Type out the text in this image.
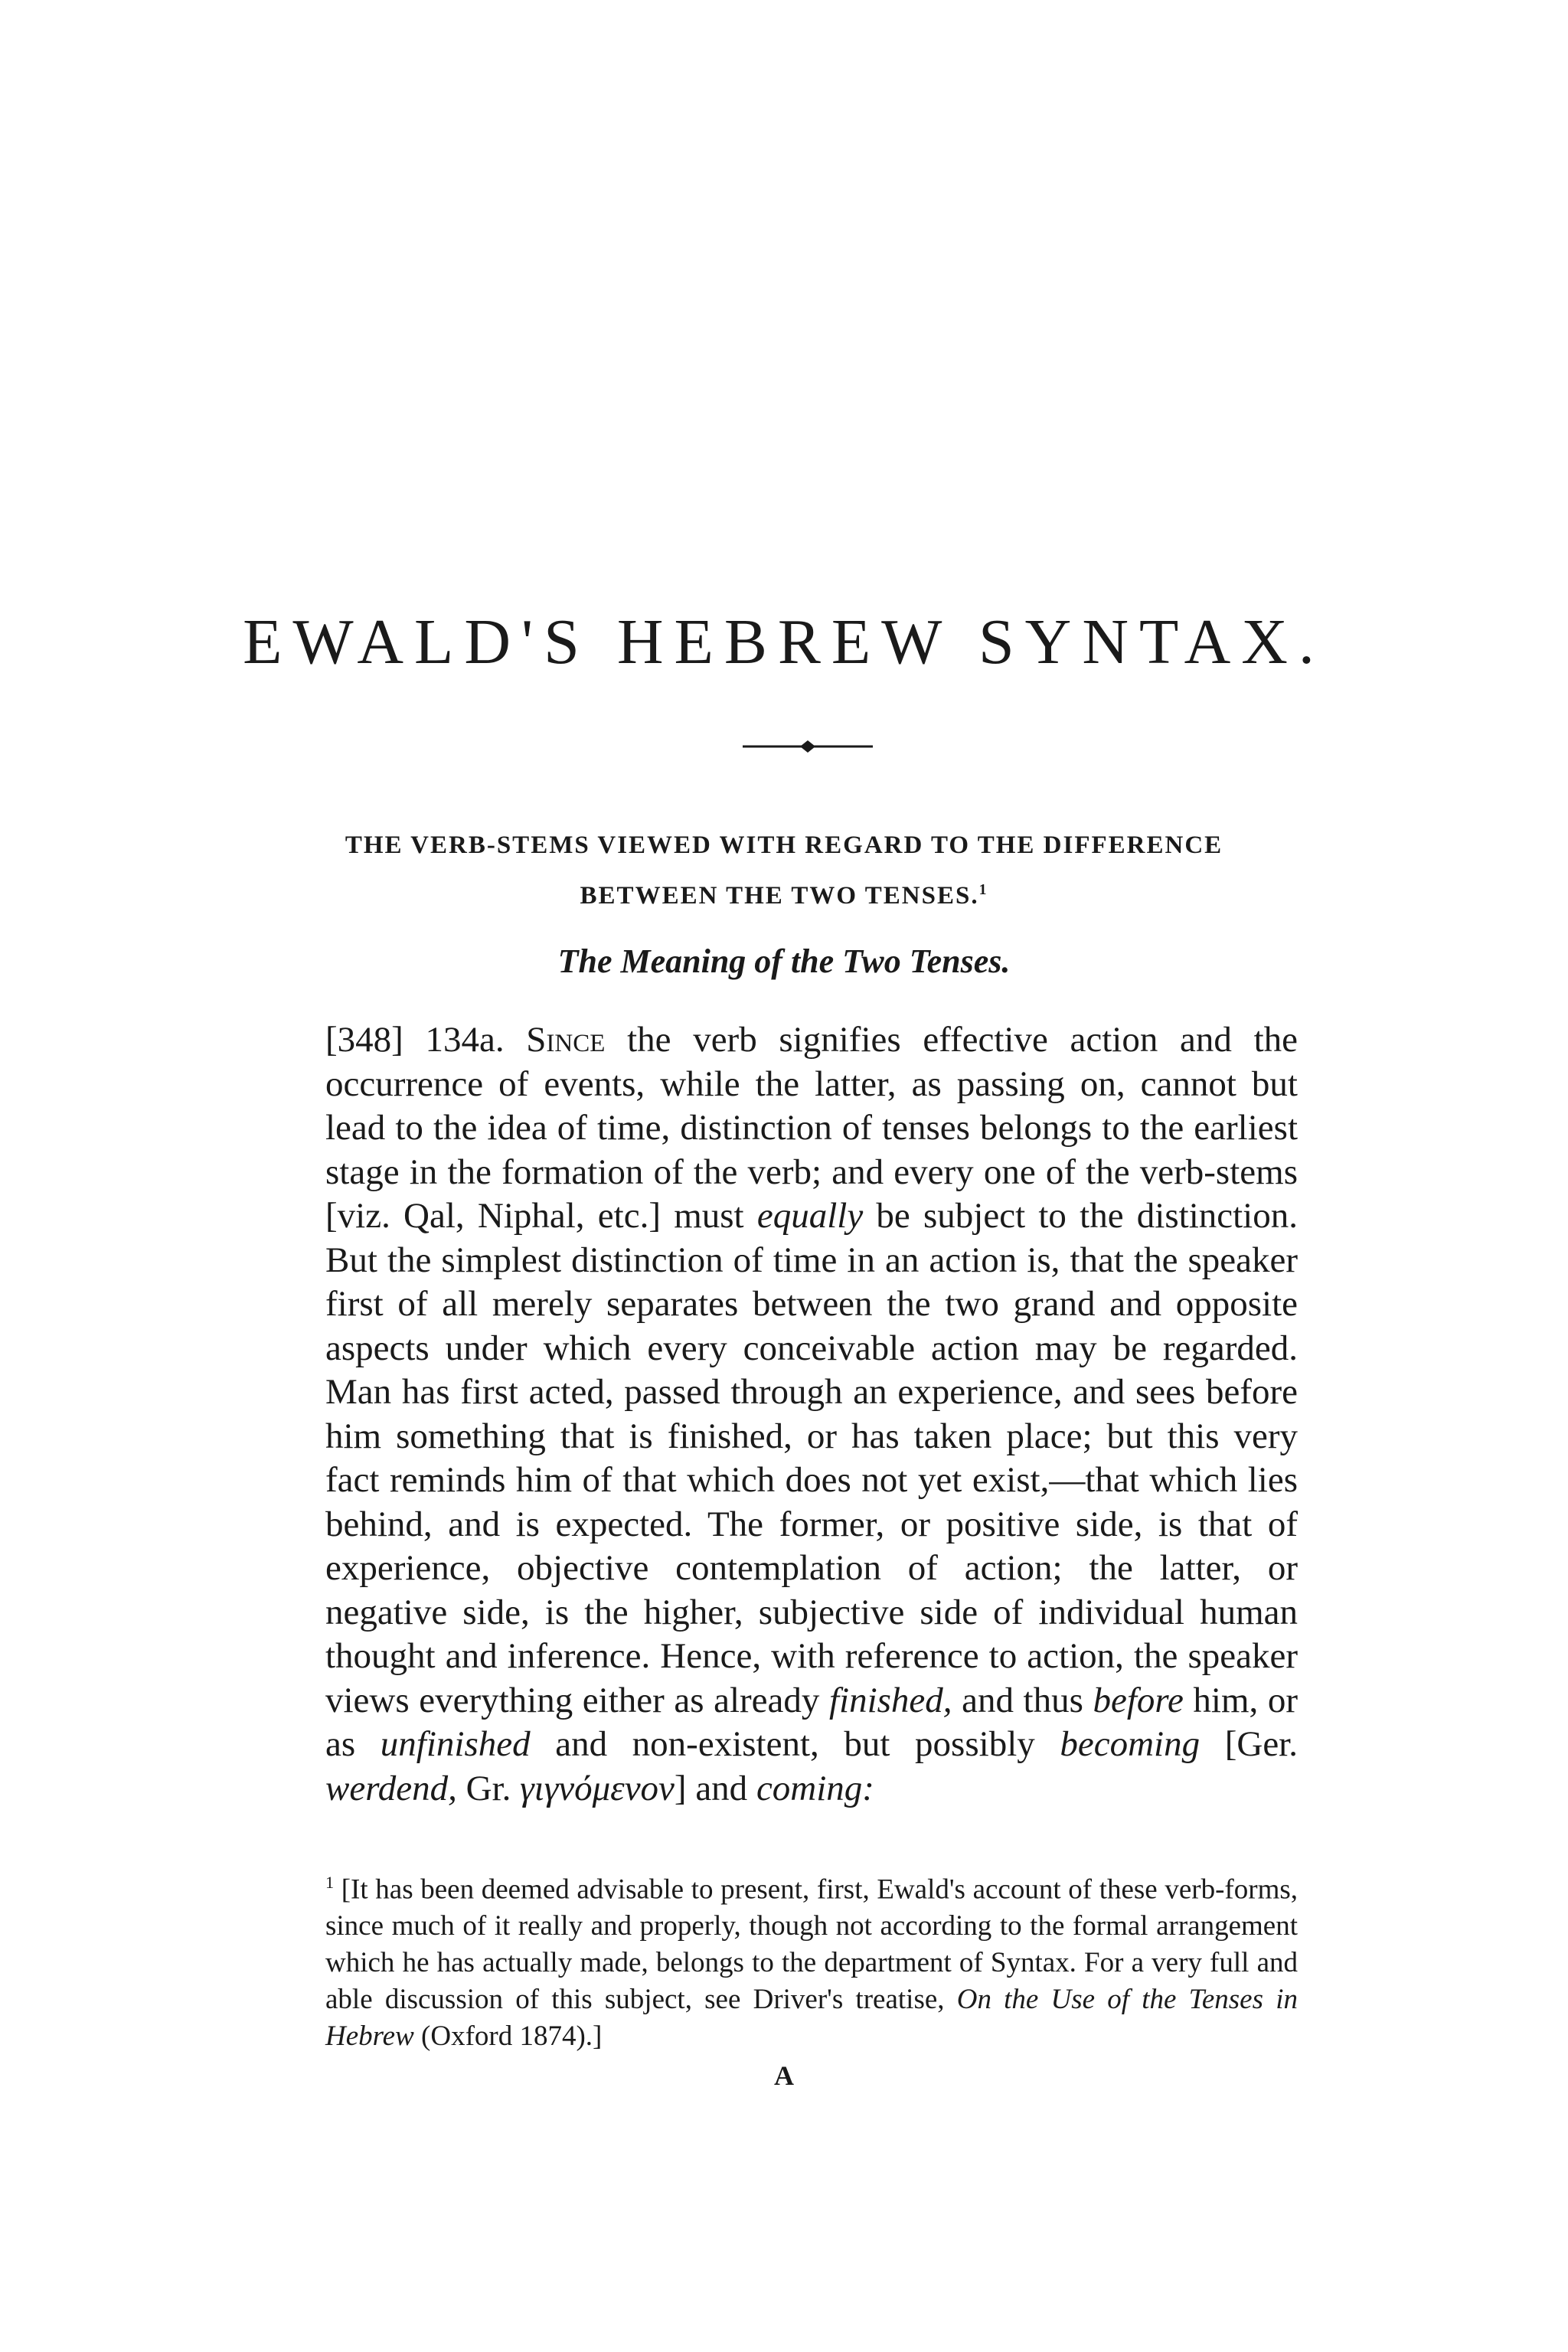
EWALD'S HEBREW SYNTAX.
THE VERB-STEMS VIEWED WITH REGARD TO THE DIFFERENCE
BETWEEN THE TWO TENSES.$^1$
The Meaning of the Two Tenses.

[348] 134a. Since the verb signifies effective action and the occurrence of events, while the latter, as passing on, cannot but lead to the idea of time, distinction of tenses belongs to the earliest stage in the formation of the verb; and every one of the verb-stems [viz. Qal, Niphal, etc.] must equally be subject to the distinction. But the simplest distinction of time in an action is, that the speaker first of all merely separates between the two grand and opposite aspects under which every conceivable action may be regarded. Man has first acted, passed through an experience, and sees before him something that is finished, or has taken place; but this very fact reminds him of that which does not yet exist,—that which lies behind, and is expected. The former, or positive side, is that of experience, objective contemplation of action; the latter, or negative side, is the higher, subjective side of individual human thought and inference. Hence, with reference to action, the speaker views everything either as already finished, and thus before him, or as unfinished and non-existent, but possibly becoming [Ger. werdend, Gr. γιγνόμενον] and coming:

$^1$ [It has been deemed advisable to present, first, Ewald's account of these verb-forms, since much of it really and properly, though not according to the formal arrangement which he has actually made, belongs to the department of Syntax. For a very full and able discussion of this subject, see Driver's treatise, On the Use of the Tenses in Hebrew (Oxford 1874).]

A
